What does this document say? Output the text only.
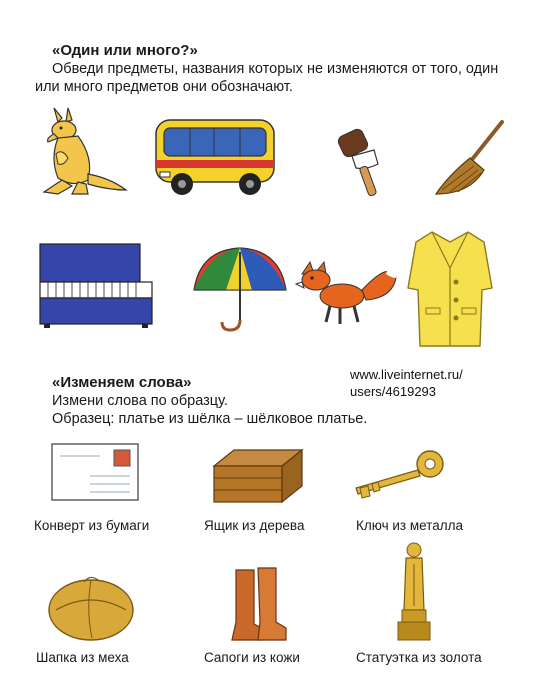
«Один или много?»
Обведи предметы, названия которых не изменяются от того, один
или много предметов они обозначают.
www.liveinternet.ru/
users/4619293
«Изменяем слова»
Измени слова по образцу.
Образец: платье из шёлка – шёлковое платье.
Конверт из бумаги	Ящик из дерева	Ключ из металла
Шапка из меха	Сапоги из кожи	Статуэтка из золота
